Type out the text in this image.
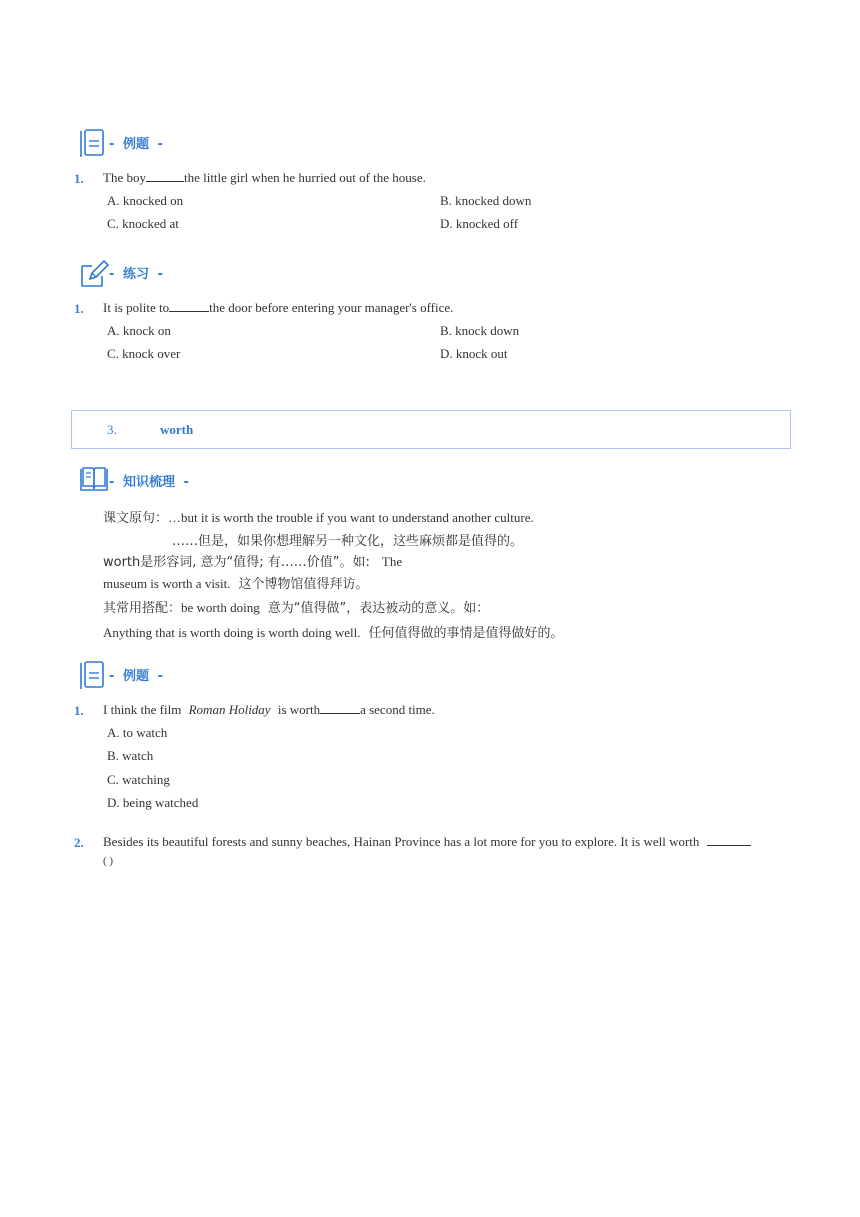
- 例题 -
1. The boy	the little girl when he hurried out of the house.
A. knocked on	B. knocked down
C. knocked at	D. knocked off
- 练习 -
1. It is polite to	the door before entering your manager's office.
A. knock on	B. knock down
C. knock over	D. knock out
3.	worth
- 知识梳理 -
课文原句：…but it is worth the trouble if you want to understand another culture.
……但是，如果你想理解另一种文化，这些麻烦都是值得的。
worth是形容词, 意为“值得; 有……价值”。如: The
museum is worth a visit. 这个博物馆值得拜访。
其常用搭配：be worth doing 意为“值得做”，表达被动的意义。如：
Anything that is worth doing is worth doing well. 任何值得做的事情是值得做好的。
- 例题 -
1. I think the film Roman Holiday is worth	a second time.
A. to watch
B. watch
C. watching
D. being watched
2. Besides its beautiful forests and sunny beaches, Hainan Province has a lot more for you to explore. It is well worth
( )
